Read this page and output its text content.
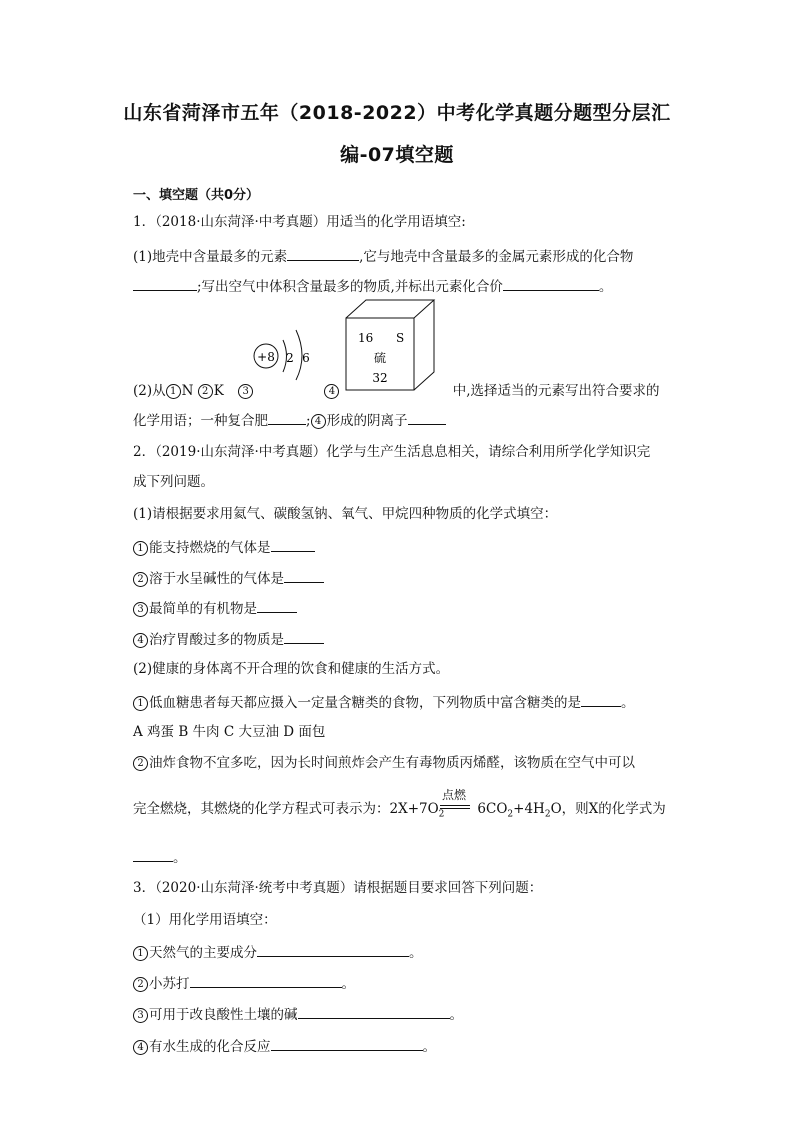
山东省菏泽市五年（2018-2022）中考化学真题分题型分层汇
编-07填空题
一、填空题（共0分）
1．（2018·山东菏泽·中考真题）用适当的化学用语填空:
(1)地壳中含量最多的元素	,它与地壳中含量最多的金属元素形成的化合物
;写出空气中体积含量最多的物质,并标出元素化合价	。
+8 2 6
16 S
硫
32
(2)从 1 N 2 K 3	4	中,选择适当的元素写出符合要求的
化学用语；一种复合肥	; 4 形成的阴离子
2．（2019·山东菏泽·中考真题）化学与生产生活息息相关，请综合利用所学化学知识完
成下列问题。
(1)请根据要求用氦气、碳酸氢钠、氧气、甲烷四种物质的化学式填空：
1 能支持燃烧的气体是
2 溶于水呈碱性的气体是
3 最简单的有机物是
4 治疗胃酸过多的物质是
(2)健康的身体离不开合理的饮食和健康的生活方式。
1 低血糖患者每天都应摄入一定量含糖类的食物，下列物质中富含糖类的是	。
A 鸡蛋 B 牛肉 C 大豆油 D 面包
2 油炸食物不宜多吃，因为长时间煎炸会产生有毒物质丙烯醛，该物质在空气中可以
点燃
完全燃烧，其燃烧的化学方程式可表示为：$2X+7O_2$ $6CO_2+4H_2O$，则X的化学式为
。
3．（2020·山东菏泽·统考中考真题）请根据题目要求回答下列问题：
（1）用化学用语填空：
1 天然气的主要成分	。
2 小苏打	。
3 可用于改良酸性土壤的碱	。
4 有水生成的化合反应	。
